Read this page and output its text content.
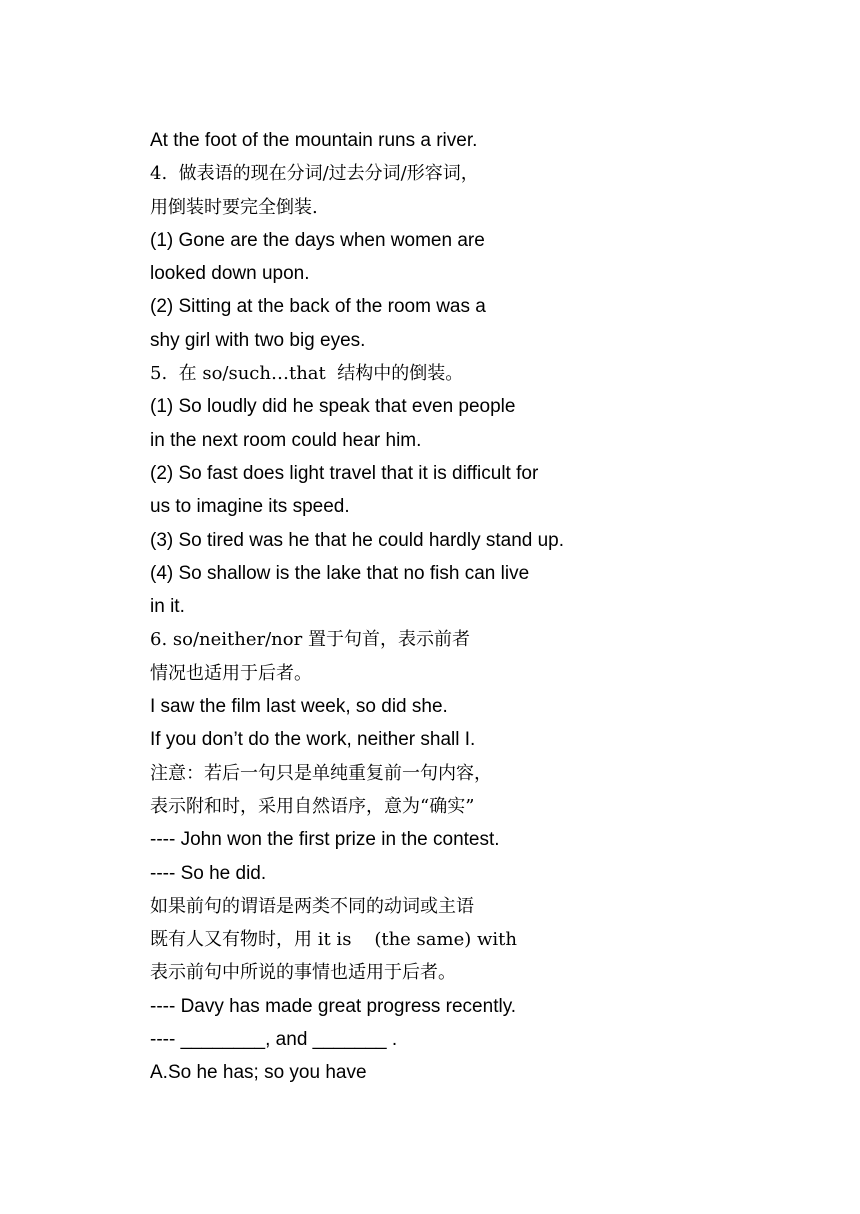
At the foot of the mountain runs a river.
4.  做表语的现在分词/过去分词/形容词，
用倒装时要完全倒装.
(1) Gone are the days when women are
looked down upon.
(2) Sitting at the back of the room was a
shy girl with two big eyes.
5.  在 so/such…that  结构中的倒装。
(1) So loudly did he speak that even people
in the next room could hear him.
(2) So fast does light travel that it is difficult for
us to imagine its speed.
(3) So tired was he that he could hardly stand up.
(4) So shallow is the lake that no fish can live
in it.
6. so/neither/nor 置于句首，表示前者
情况也适用于后者。
I saw the film last week, so did she.
If you don’t do the work, neither shall I.
注意：若后一句只是单纯重复前一句内容，
表示附和时，采用自然语序，意为“确实”
---- John won the first prize in the contest.
---- So he did.
如果前句的谓语是两类不同的动词或主语
既有人又有物时，用 it is    (the same) with
表示前句中所说的事情也适用于后者。
---- Davy has made great progress recently.
---- ________, and _______ .
A.So he has; so you have
